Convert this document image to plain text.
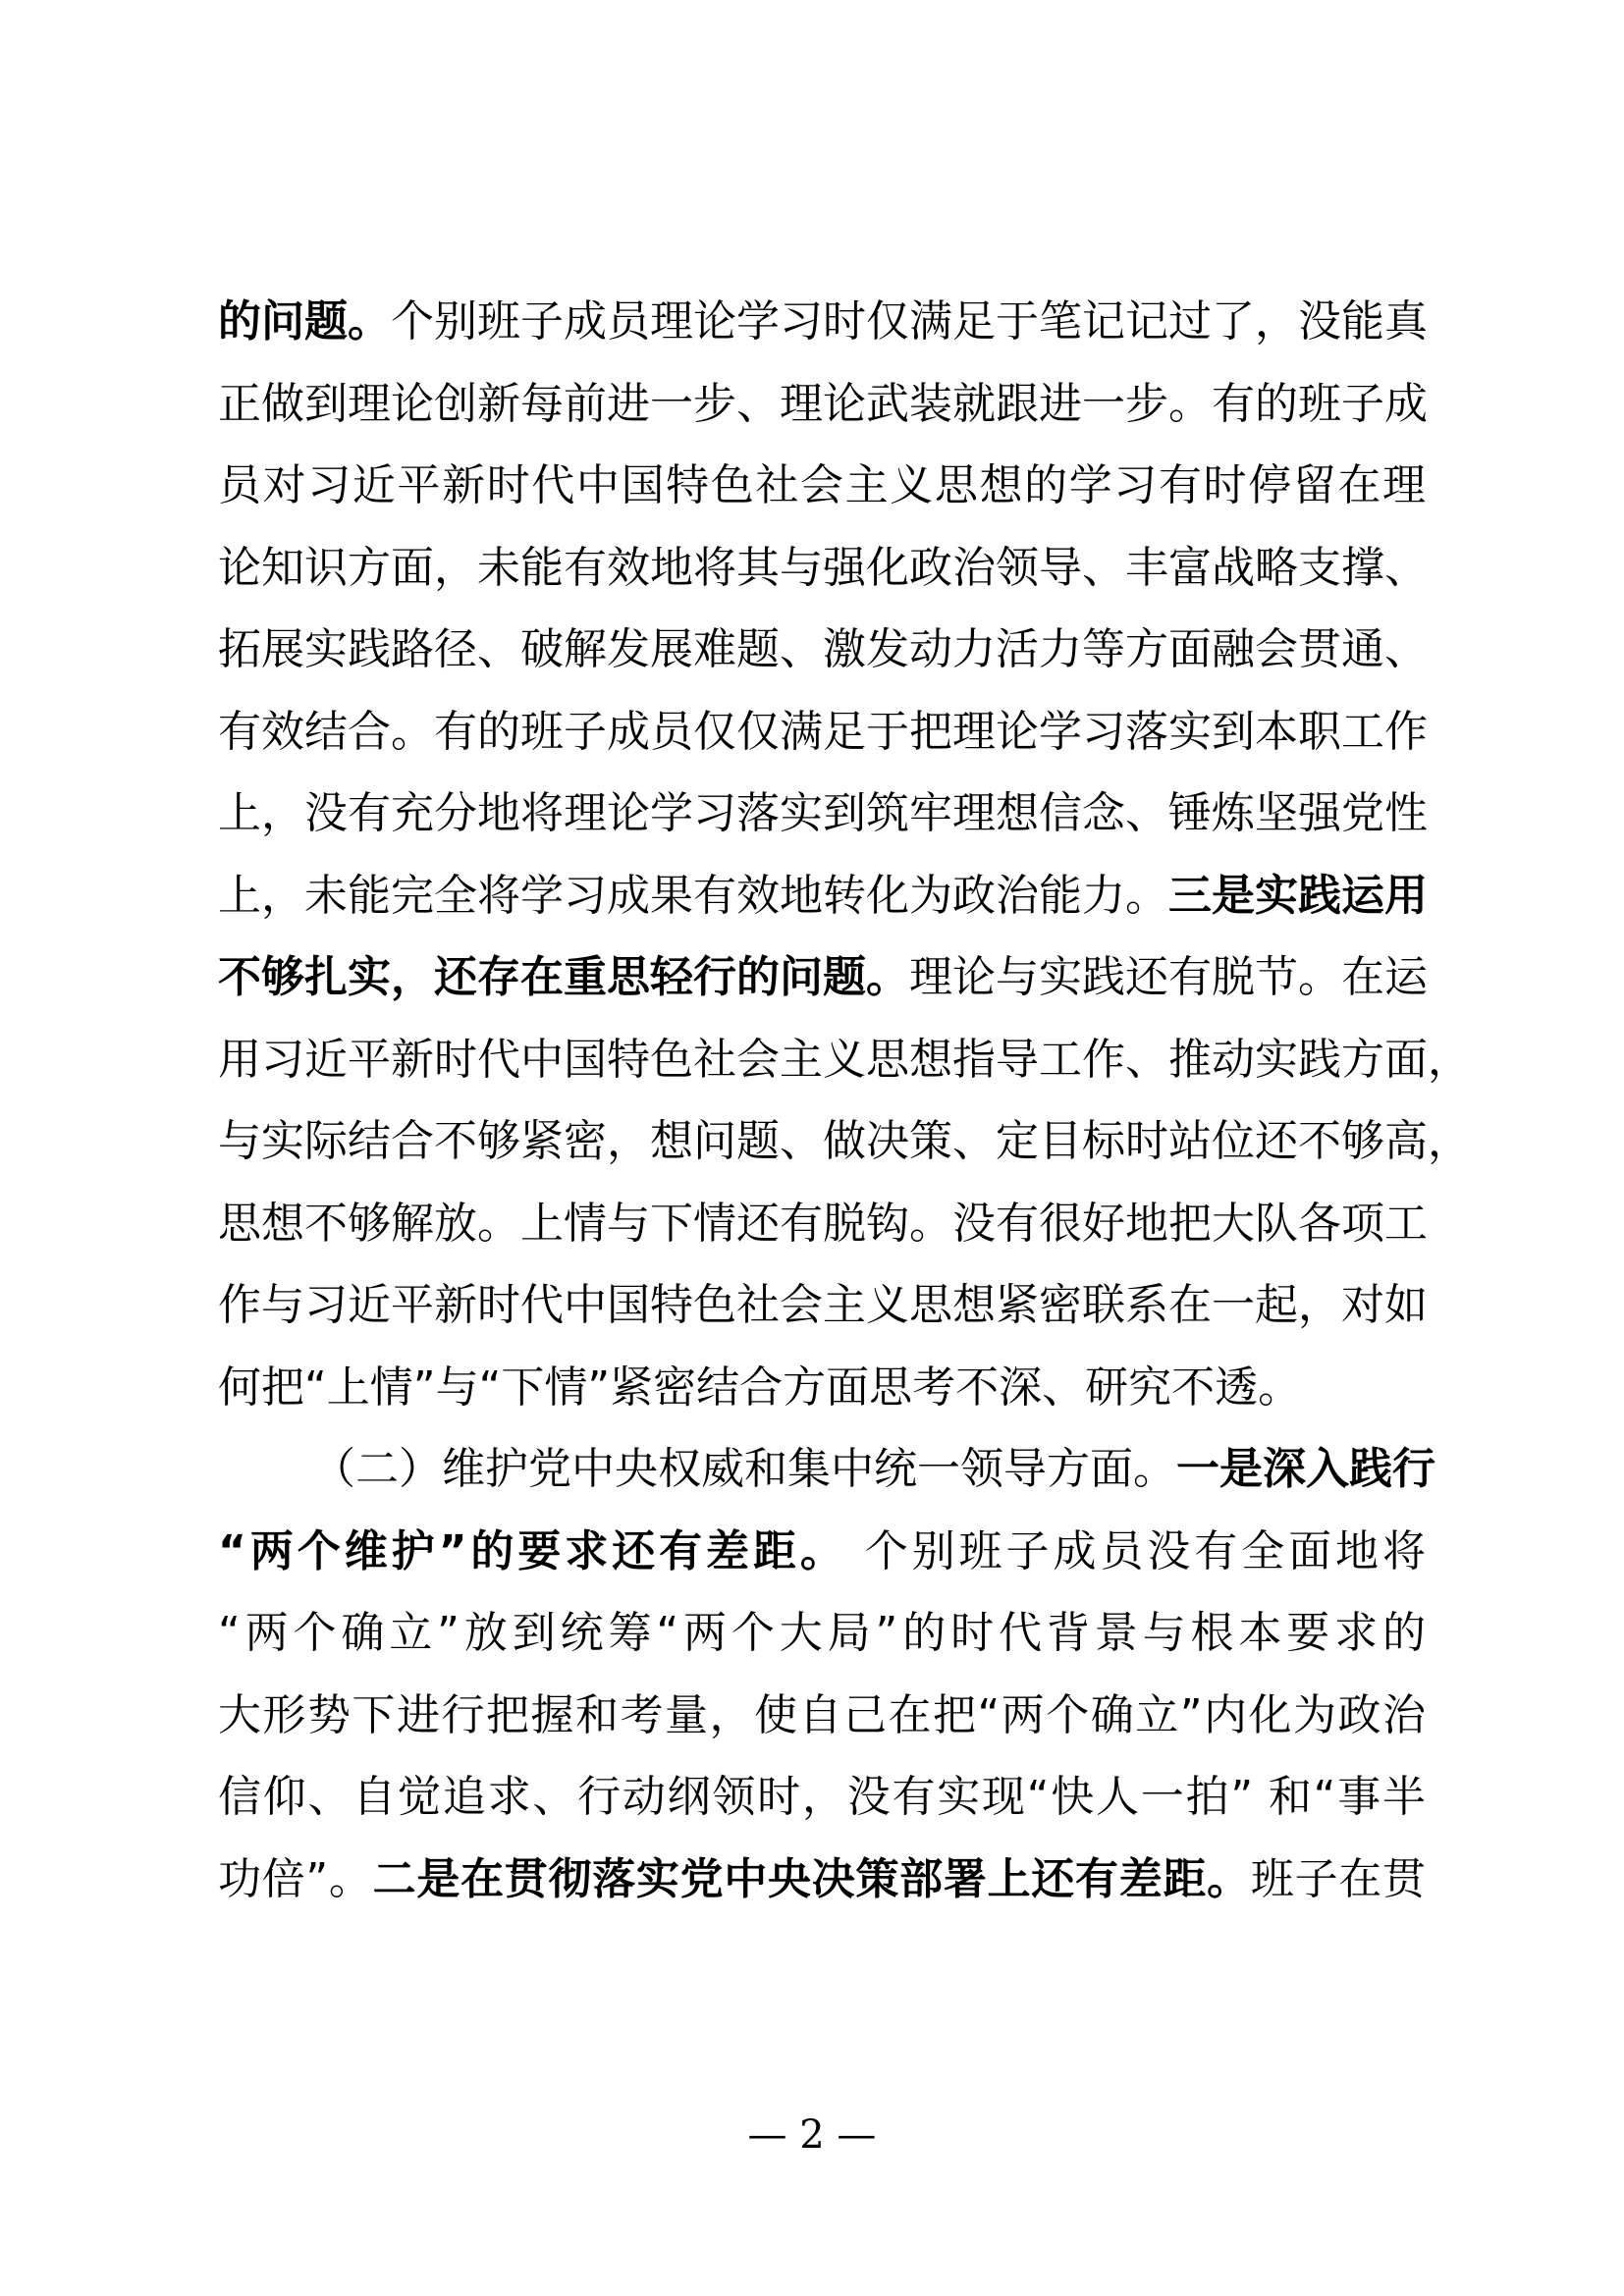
的问题。个别班子成员理论学习时仅满足于笔记记过了，没能真
正做到理论创新每前进一步、理论武装就跟进一步。有的班子成
员对习近平新时代中国特色社会主义思想的学习有时停留在理
论知识方面，未能有效地将其与强化政治领导、丰富战略支撑、
拓展实践路径、破解发展难题、激发动力活力等方面融会贯通、
有效结合。有的班子成员仅仅满足于把理论学习落实到本职工作
上，没有充分地将理论学习落实到筑牢理想信念、锤炼坚强党性
上，未能完全将学习成果有效地转化为政治能力。三是实践运用
不够扎实，还存在重思轻行的问题。理论与实践还有脱节。在运
用习近平新时代中国特色社会主义思想指导工作、推动实践方面，
与实际结合不够紧密，想问题、做决策、定目标时站位还不够高，
思想不够解放。上情与下情还有脱钩。没有很好地把大队各项工
作与习近平新时代中国特色社会主义思想紧密联系在一起，对如
何把“上情”与“下情”紧密结合方面思考不深、研究不透。
（二）维护党中央权威和集中统一领导方面。一是深入践行
“两个维护”的要求还有差距。 个别班子成员没有全面地将
“两个确立”放到统筹“两个大局”的时代背景与根本要求的
大形势下进行把握和考量，使自己在把“两个确立”内化为政治
信仰、自觉追求、行动纲领时，没有实现“快人一拍” 和“事半
功倍”。二是在贯彻落实党中央决策部署上还有差距。班子在贯
— 2 —
